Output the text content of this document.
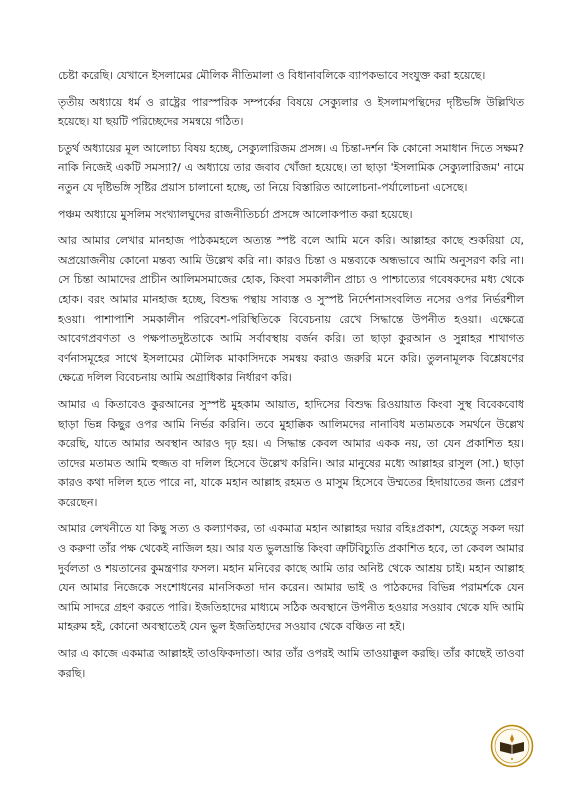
চেষ্টা করেছি। যেখানে ইসলামের মৌলিক নীতিমালা ও বিধানাবলিকে ব্যাপকভাবে সংযুক্ত করা হয়েছে।

তৃতীয় অধ্যায়ে ধর্ম ও রাষ্ট্রের পারস্পরিক সম্পর্কের বিষয়ে সেক্যুলার ও ইসলামপন্থিদের দৃষ্টিভঙ্গি উল্লিখিত হয়েছে। যা ছয়টি পরিচ্ছেদের সমন্বয়ে গঠিত।

চতুর্থ অধ্যায়ের মূল আলোচ্য বিষয় হচ্ছে, সেক্যুলারিজম প্রসঙ্গ। এ চিন্তা-দর্শন কি কোনো সমাধান দিতে সক্ষম? নাকি নিজেই একটি সমস্যা?/ এ অধ্যায়ে তার জবাব খোঁজা হয়েছে। তা ছাড়া 'ইসলামিক সেক্যুলারিজম' নামে নতুন যে দৃষ্টিভঙ্গি সৃষ্টির প্রয়াস চালানো হচ্ছে, তা নিয়ে বিস্তারিত আলোচনা-পর্যালোচনা এসেছে।

পঞ্চম অধ্যায়ে মুসলিম সংখ্যালঘুদের রাজনীতিচর্চা প্রসঙ্গে আলোকপাত করা হয়েছে।

আর আমার লেখার মানহাজ পাঠকমহলে অত্যন্ত স্পষ্ট বলে আমি মনে করি। আল্লাহর কাছে শুকরিয়া যে, অপ্রয়োজনীয় কোনো মন্তব্য আমি উল্লেখ করি না। কারও চিন্তা ও মন্তব্যকে অন্ধভাবে আমি অনুসরণ করি না। সে চিন্তা আমাদের প্রাচীন আলিমসমাজের হোক, কিংবা সমকালীন প্রাচ্য ও পাশ্চাত্যের গবেষকদের মধ্য থেকে হোক। বরং আমার মানহাজ হচ্ছে, বিশুদ্ধ পন্থায় সাব্যস্ত ও সুস্পষ্ট নির্দেশনাসংবলিত নসের ওপর নির্ভরশীল হওয়া। পাশাপাশি সমকালীন পরিবেশ-পরিস্থিতিকে বিবেচনায় রেখে সিদ্ধান্তে উপনীত হওয়া। এক্ষেত্রে আবেগপ্রবণতা ও পক্ষপাতদুষ্টতাকে আমি সর্বাবস্থায় বর্জন করি। তা ছাড়া কুরআন ও সুন্নাহর শাখাগত বর্ণনাসমূহের সাথে ইসলামের মৌলিক মাকাসিদকে সমন্বয় করাও জরুরি মনে করি। তুলনামূলক বিশ্লেষণের ক্ষেত্রে দলিল বিবেচনায় আমি অগ্রাধিকার নির্ধারণ করি।

আমার এ কিতাবেও কুরআনের সুস্পষ্ট মুহকাম আয়াত, হাদিসের বিশুদ্ধ রিওয়ায়াত কিংবা সুস্থ বিবেকবোধ ছাড়া ভিন্ন কিছুর ওপর আমি নির্ভর করিনি। তবে মুহাক্কিক আলিমদের নানাবিধ মতামতকে সমর্থনে উল্লেখ করেছি, যাতে আমার অবস্থান আরও দৃঢ় হয়। এ সিদ্ধান্ত কেবল আমার একক নয়, তা যেন প্রকাশিত হয়। তাদের মতামত আমি হুজ্জত বা দলিল হিসেবে উল্লেখ করিনি। আর মানুষের মধ্যে আল্লাহর রাসুল (সা.) ছাড়া কারও কথা দলিল হতে পারে না, যাকে মহান আল্লাহ রহমত ও মাসুম হিসেবে উম্মতের হিদায়াতের জন্য প্রেরণ করেছেন।

আমার লেখনীতে যা কিছু সত্য ও কল্যাণকর, তা একমাত্র মহান আল্লাহর দয়ার বহিঃপ্রকাশ, যেহেতু সকল দয়া ও করুণা তাঁর পক্ষ থেকেই নাজিল হয়। আর যত ভুলভ্রান্তি কিংবা ত্রুটিবিচ্যুতি প্রকাশিত হবে, তা কেবল আমার দুর্বলতা ও শয়তানের কুমন্ত্রণার ফসল। মহান মনিবের কাছে আমি তার অনিষ্ট থেকে আশ্রয় চাই। মহান আল্লাহ যেন আমার নিজেকে সংশোধনের মানসিকতা দান করেন। আমার ভাই ও পাঠকদের বিভিন্ন পরামর্শকে যেন আমি সাদরে গ্রহণ করতে পারি। ইজতিহাদের মাধ্যমে সঠিক অবস্থানে উপনীত হওয়ার সওয়াব থেকে যদি আমি মাহরুম হই, কোনো অবস্থাতেই যেন ভুল ইজতিহাদের সওয়াব থেকে বঞ্চিত না হই।

আর এ কাজে একমাত্র আল্লাহই তাওফিকদাতা। আর তাঁর ওপরই আমি তাওয়াক্কুল করছি। তাঁর কাছেই তাওবা করছি।
